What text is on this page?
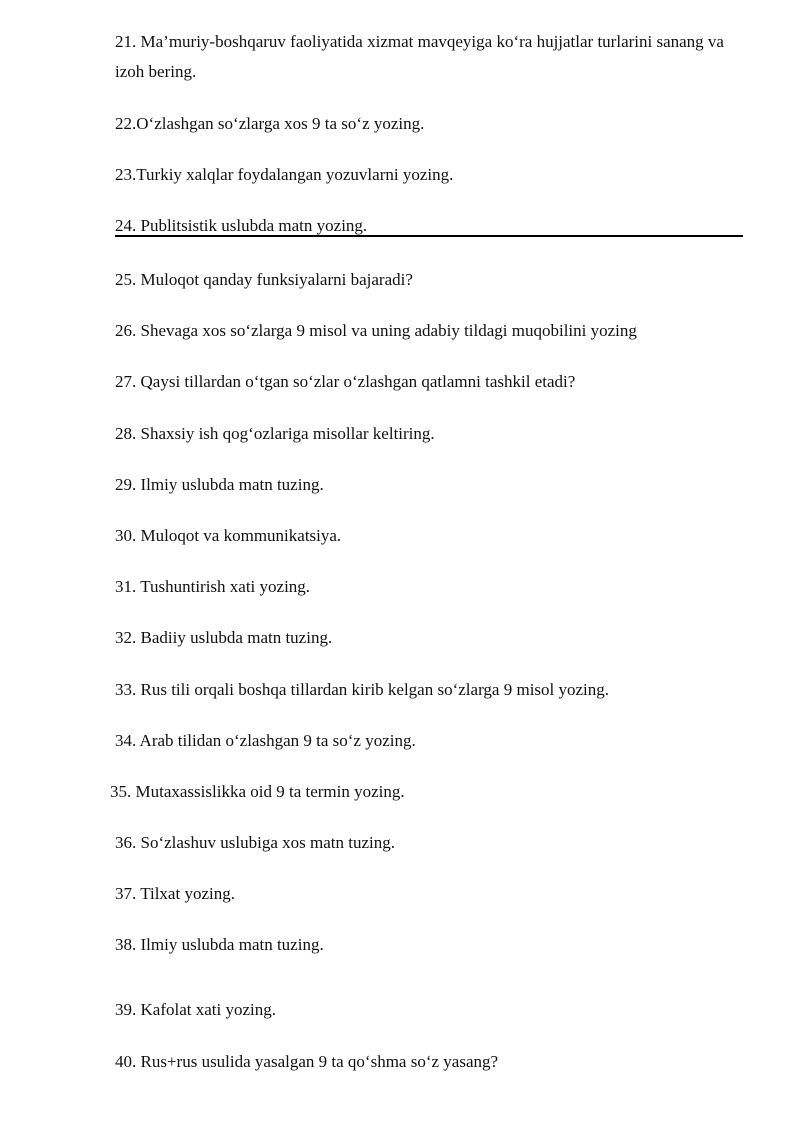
21. Ma’muriy-boshqaruv faoliyatida xizmat mavqeyiga ko‘ra hujjatlar turlarini sanang va izoh bering.
22.O‘zlashgan so‘zlarga xos 9 ta so‘z yozing.
23.Turkiy xalqlar foydalangan yozuvlarni yozing.
24. Publitsistik uslubda matn yozing.
25. Muloqot qanday funksiyalarni bajaradi?
26. Shevaga xos so‘zlarga 9 misol va uning adabiy tildagi muqobilini yozing
27. Qaysi tillardan o‘tgan so‘zlar o‘zlashgan qatlamni tashkil etadi?
28. Shaxsiy ish qog‘ozlariga misollar keltiring.
29. Ilmiy uslubda matn tuzing.
30. Muloqot va kommunikatsiya.
31. Tushuntirish xati yozing.
32. Badiiy uslubda matn tuzing.
33. Rus tili orqali boshqa tillardan kirib kelgan so‘zlarga 9 misol yozing.
34. Arab tilidan o‘zlashgan 9 ta so‘z yozing.
35. Mutaxassislikka oid 9 ta termin yozing.
36. So‘zlashuv uslubiga xos matn tuzing.
37. Tilxat yozing.
38. Ilmiy uslubda matn tuzing.
39. Kafolat xati yozing.
40. Rus+rus usulida yasalgan 9 ta qo‘shma so‘z yasang?
